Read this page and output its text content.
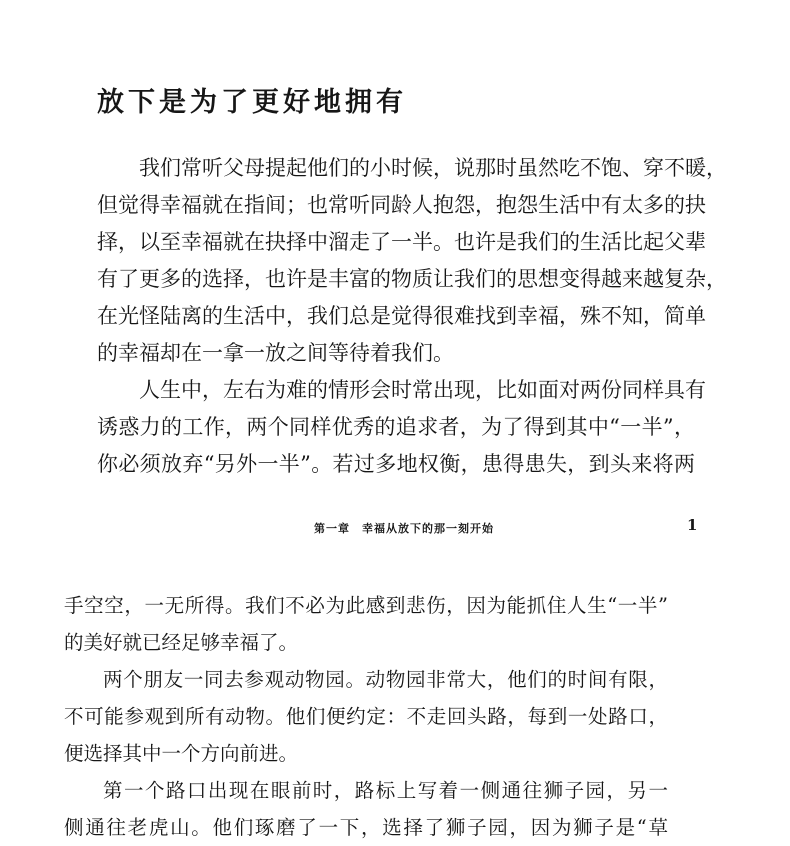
放下是为了更好地拥有
我们常听父母提起他们的小时候，说那时虽然吃不饱、穿不暖，
但觉得幸福就在指间；也常听同龄人抱怨，抱怨生活中有太多的抉
择，以至幸福就在抉择中溜走了一半。也许是我们的生活比起父辈
有了更多的选择，也许是丰富的物质让我们的思想变得越来越复杂，
在光怪陆离的生活中，我们总是觉得很难找到幸福，殊不知，简单
的幸福却在一拿一放之间等待着我们。
人生中，左右为难的情形会时常出现，比如面对两份同样具有
诱惑力的工作，两个同样优秀的追求者，为了得到其中“一半”，
你必须放弃“另外一半”。若过多地权衡，患得患失，到头来将两
第一章　幸福从放下的那一刻开始	1
手空空，一无所得。我们不必为此感到悲伤，因为能抓住人生“一半”
的美好就已经足够幸福了。
两个朋友一同去参观动物园。动物园非常大，他们的时间有限，
不可能参观到所有动物。他们便约定：不走回头路，每到一处路口，
便选择其中一个方向前进。
第一个路口出现在眼前时，路标上写着一侧通往狮子园，另一
侧通往老虎山。他们琢磨了一下，选择了狮子园，因为狮子是“草
